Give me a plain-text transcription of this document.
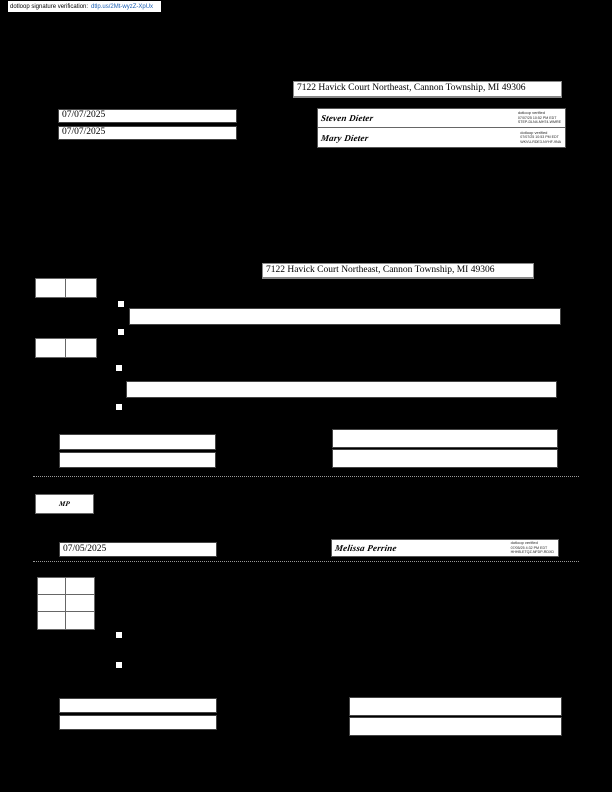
dotloop signature verification: dtlp.us/2Mt-wyzZ-XpUx
7122 Havick Court Northeast, Cannon Township, MI 49306
07/07/2025
07/07/2025
Steven Dieter
dotloop verified
07/07/25 10:52 PM EDT
STEP-DLN4-MH74-WMRE
Mary Dieter
dotloop verified
07/07/25 10:53 PM EDT
WKVU-RDE3-NYHF-9NA
7122 Havick Court Northeast, Cannon Township, MI 49306
MP
07/05/2025	Melissa Perrine
dotloop verified
07/05/25 4:32 PM EDT
HHHB-ETQZ-NFDP-RDXD
